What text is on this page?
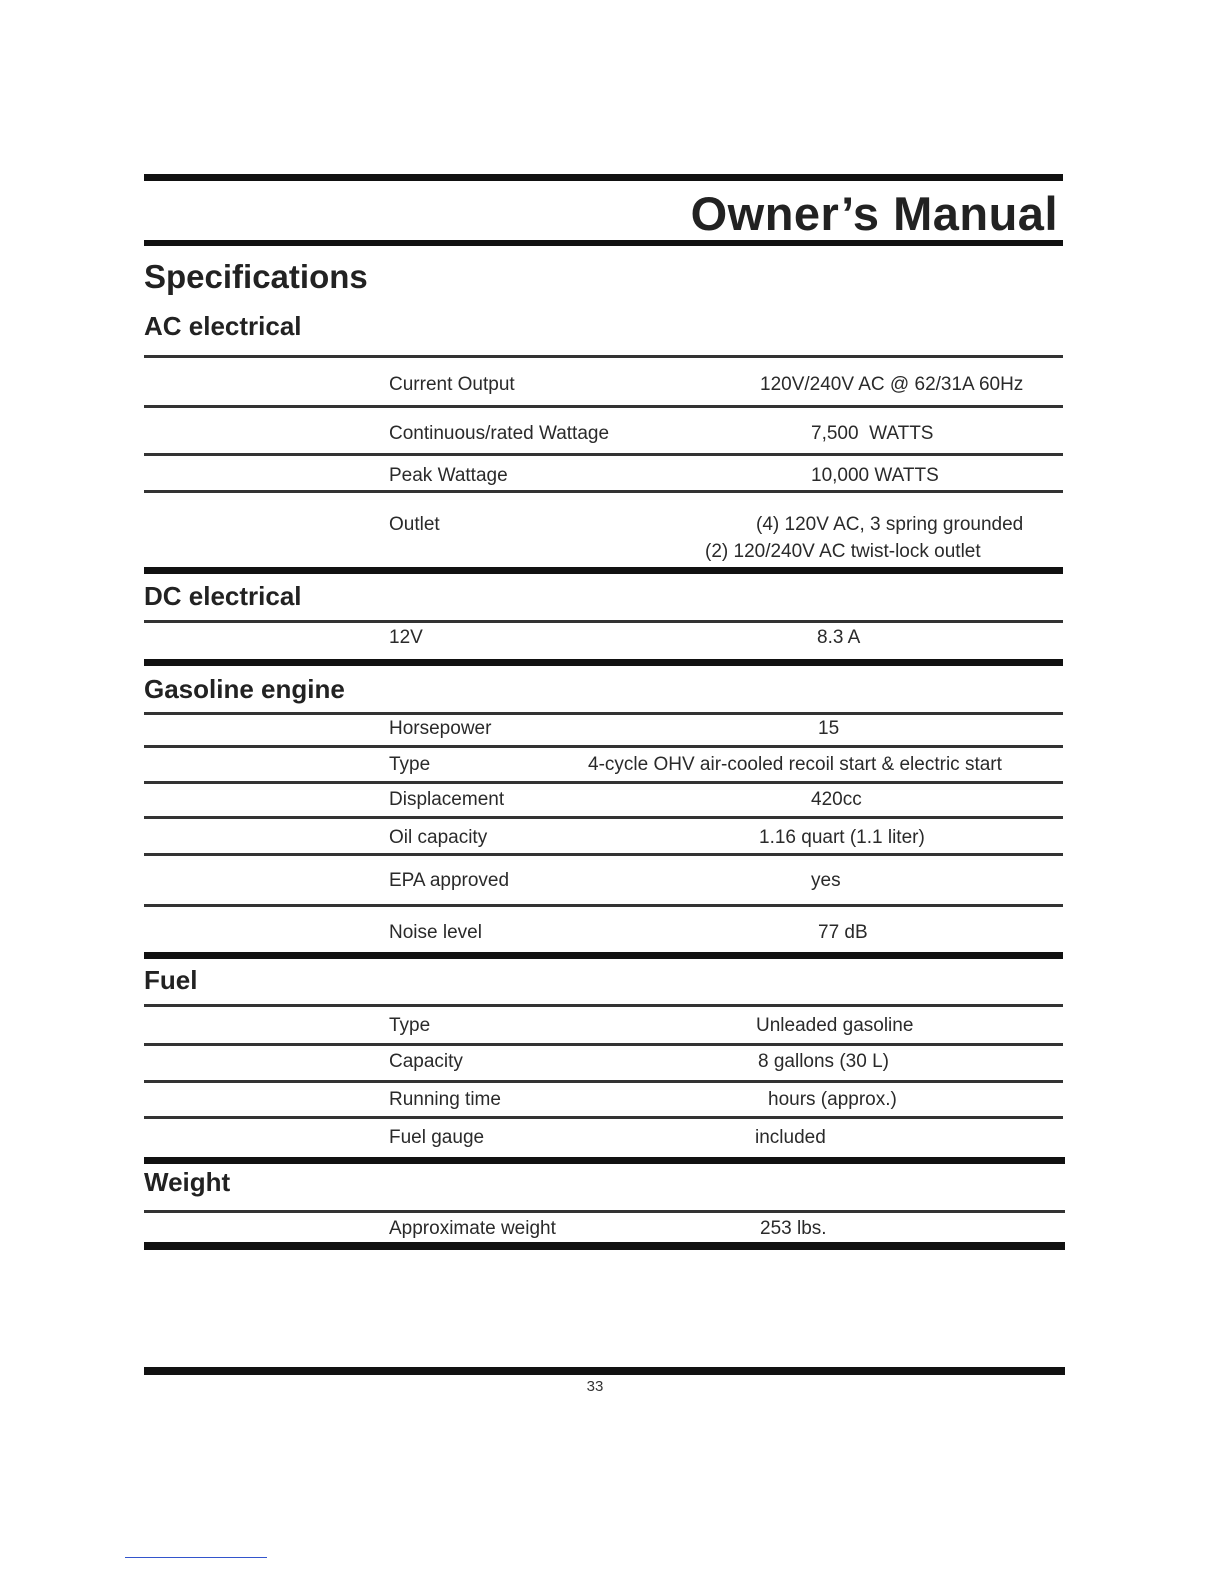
Owner’s Manual
Specifications
AC electrical
Current Output	120V/240V AC @ 62/31A 60Hz
Continuous/rated Wattage	7,500  WATTS
Peak Wattage	10,000 WATTS
Outlet	(4) 120V AC, 3 spring grounded
(2) 120/240V AC twist-lock outlet
DC electrical
12V	8.3 A
Gasoline engine
Horsepower	15
Type	4-cycle OHV air-cooled recoil start & electric start
Displacement	420cc
Oil capacity	1.16 quart (1.1 liter)
EPA approved	yes
Noise level	77 dB
Fuel
Type	Unleaded gasoline
Capacity	8 gallons (30 L)
Running time	hours (approx.)
Fuel gauge	included
Weight
Approximate weight	253 lbs.
33
